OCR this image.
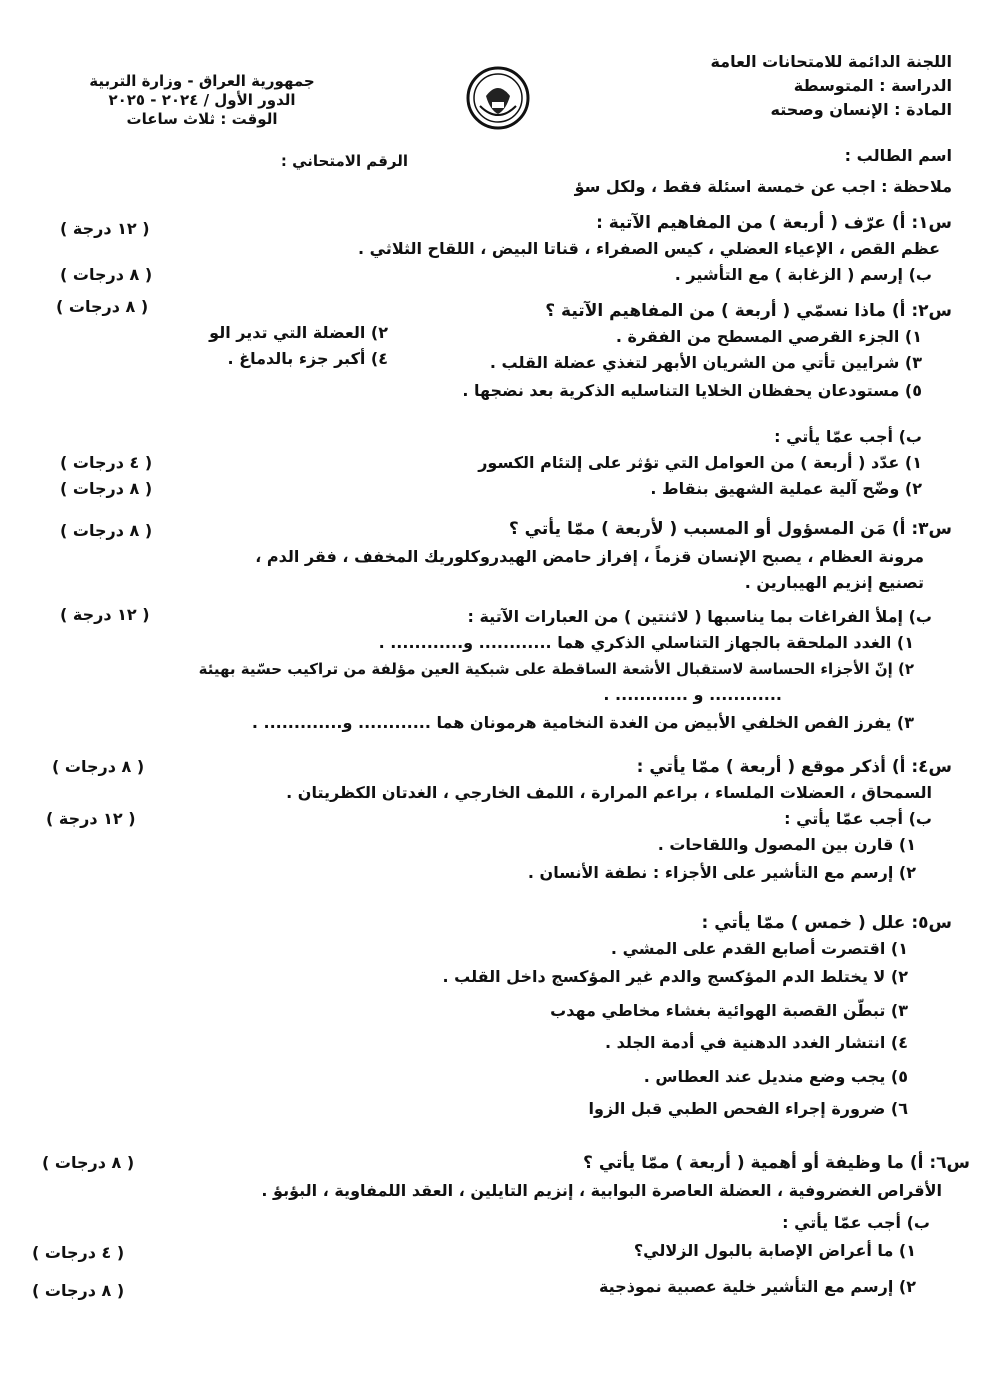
اللجنة الدائمة للامتحانات العامة
الدراسة : المتوسطة
المادة : الإنسان وصحته
جمهورية العراق - وزارة التربية
الدور الأول / ٢٠٢٤ - ٢٠٢٥
الوقت : ثلاث ساعات
اسم الطالب :
الرقم الامتحاني :
ملاحظة : اجب عن خمسة اسئلة فقط ، ولكل سؤ
س١: أ) عرّف ( أربعة ) من المفاهيم الآتية :
( ١٢ درجة )
عظم القص ، الإعياء العضلي ، كيس الصفراء ، قناتا البيض ، اللقاح الثلاثي .
ب) إرسم ( الزغابة ) مع التأشير .
( ٨ درجات )
س٢: أ) ماذا نسمّي ( أربعة ) من المفاهيم الآتية ؟
( ٨ درجات )
١) الجزء القرصي المسطح من الفقرة .
٢) العضلة التي تدير الو
٣) شرايين تأتي من الشريان الأبهر لتغذي عضلة القلب .
٤) أكبر جزء بالدماغ .
٥) مستودعان يحفظان الخلايا التناسليه الذكرية بعد نضجها .
ب) أجب عمّا يأتي :
١) عدّد ( أربعة ) من العوامل التي تؤثر على إلتئام الكسور
( ٤ درجات )
٢) وضّح آلية عملية الشهيق بنقاط .
( ٨ درجات )
س٣: أ) مَن المسؤول أو المسبب ( لأربعة ) ممّا يأتي ؟
( ٨ درجات )
مرونة العظام ، يصبح الإنسان قزماً ، إفراز حامض الهيدروكلوريك المخفف ، فقر الدم ،
تصنيع إنزيم الهيبارين .
ب) إملأ الفراغات بما يناسبها ( لاثنتين ) من العبارات الآتية :
( ١٢ درجة )
١) الغدد الملحقة بالجهاز التناسلي الذكري هما ............ و............ .
٢) إنّ الأجزاء الحساسة لاستقبال الأشعة الساقطة على شبكية العين مؤلفة من تراكيب حسّية بهيئة
............ و ............ .
٣) يفرز الفص الخلفي الأبيض من الغدة النخامية هرمونان هما ............ و............. .
س٤: أ) أذكر موقع ( أربعة ) ممّا يأتي :
( ٨ درجات )
السمحاق ، العضلات الملساء ، براعم المرارة ، اللمف الخارجي ، الغدتان الكظريتان .
ب) أجب عمّا يأتي :
( ١٢ درجة )
١) قارن بين المصول واللقاحات .
٢) إرسم مع التأشير على الأجزاء : نطفة الأنسان .
س٥: علل ( خمس ) ممّا يأتي :
١) اقتصرت أصابع القدم على المشي .
٢) لا يختلط الدم المؤكسج والدم غير المؤكسج داخل القلب .
٣) تبطّن القصبة الهوائية بغشاء مخاطي مهدب
٤) انتشار الغدد الدهنية في أدمة الجلد .
٥) يجب وضع منديل عند العطاس .
٦) ضرورة إجراء الفحص الطبي قبل الزوا
س٦: أ) ما وظيفة أو أهمية ( أربعة ) ممّا يأتي ؟
( ٨ درجات )
الأقراص الغضروفية ، العضلة العاصرة البوابية ، إنزيم التايلين ، العقد اللمفاوية ، البؤبؤ .
ب) أجب عمّا يأتي :
١) ما أعراض الإصابة بالبول الزلالي؟
( ٤ درجات )
٢) إرسم مع التأشير خلية عصبية نموذجية
( ٨ درجات )
